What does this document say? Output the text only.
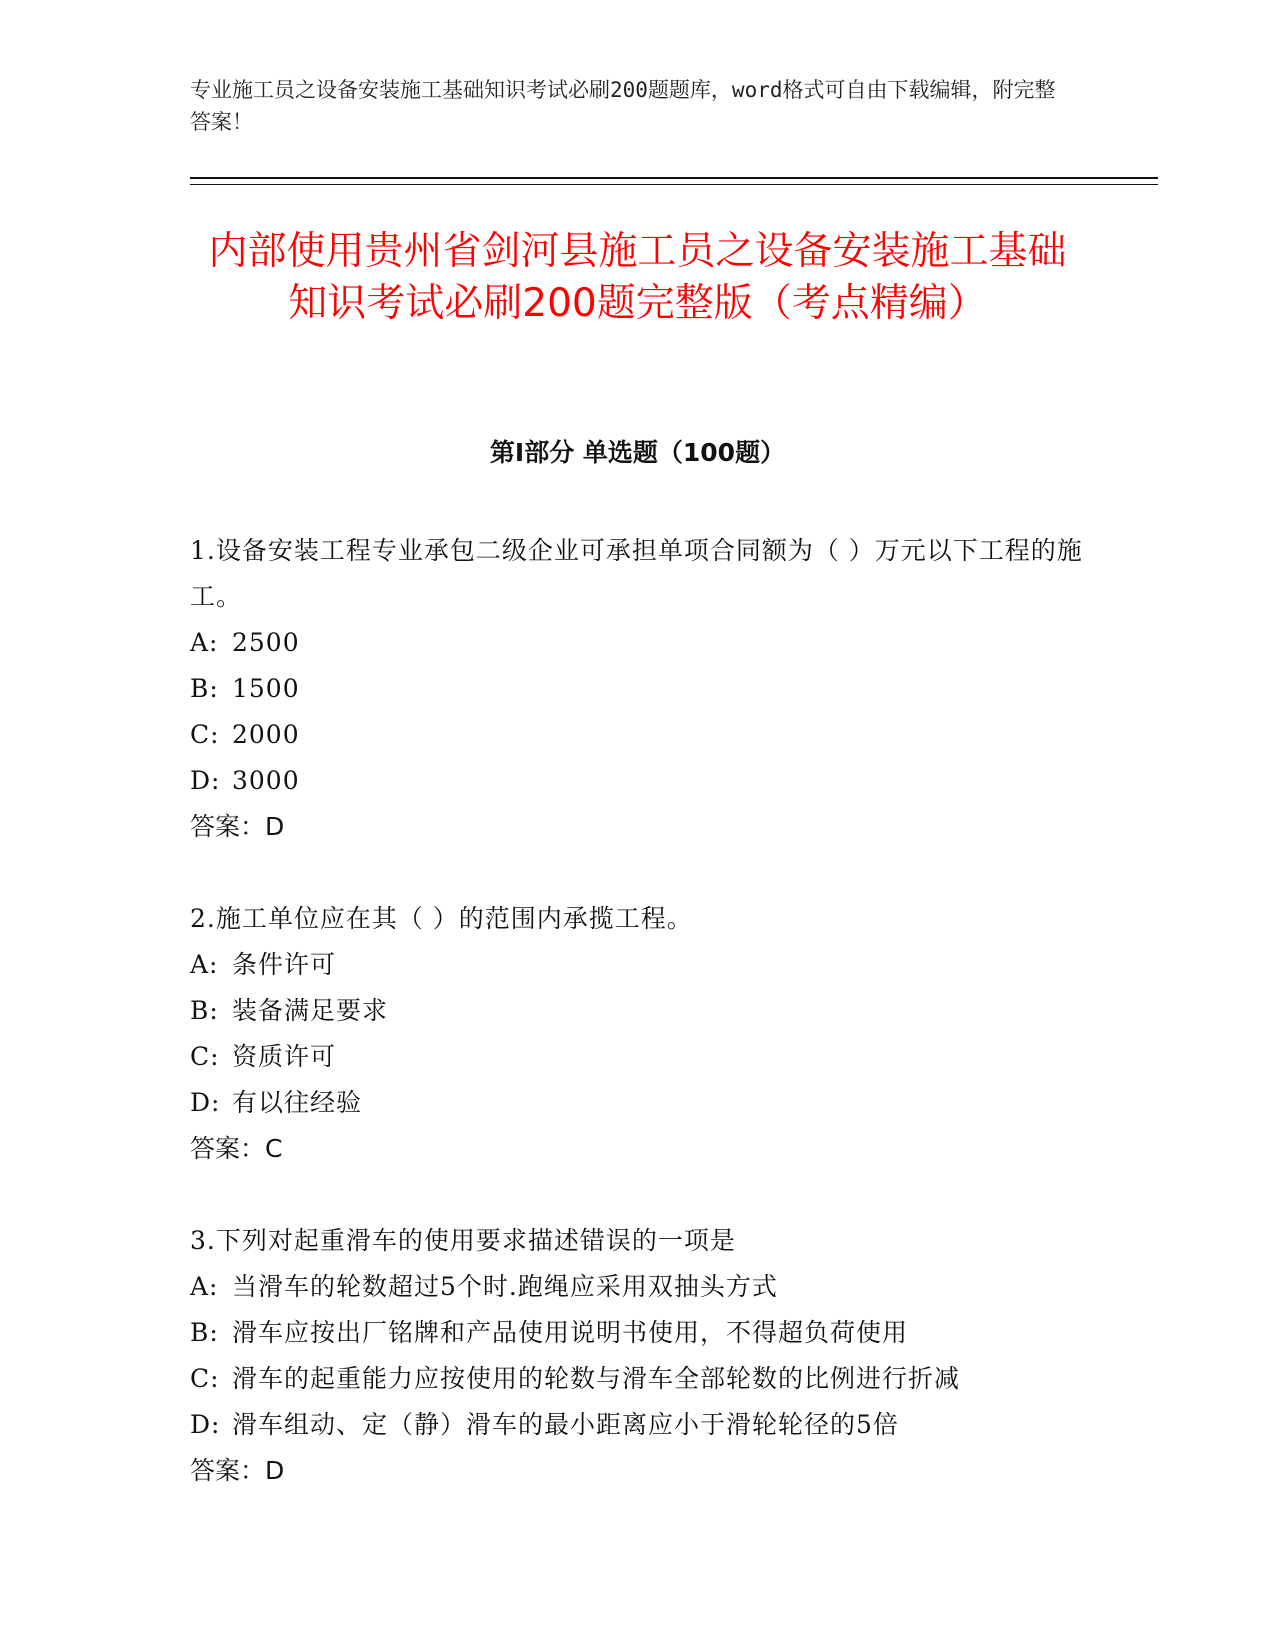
专业施工员之设备安装施工基础知识考试必刷200题题库，word格式可自由下载编辑，附完整答案！
内部使用贵州省剑河县施工员之设备安装施工基础知识考试必刷200题完整版（考点精编）
第Ⅰ部分 单选题（100题）

1.设备安装工程专业承包二级企业可承担单项合同额为（ ）万元以下工程的施工。

A: 2500

B: 1500

C: 2000

D: 3000

答案：D

2.施工单位应在其（ ）的范围内承揽工程。

A: 条件许可

B: 装备满足要求

C: 资质许可

D: 有以往经验

答案：C

3.下列对起重滑车的使用要求描述错误的一项是

A: 当滑车的轮数超过5个时.跑绳应采用双抽头方式

B: 滑车应按出厂铭牌和产品使用说明书使用，不得超负荷使用

C: 滑车的起重能力应按使用的轮数与滑车全部轮数的比例进行折减

D: 滑车组动、定（静）滑车的最小距离应小于滑轮轮径的5倍

答案：D
